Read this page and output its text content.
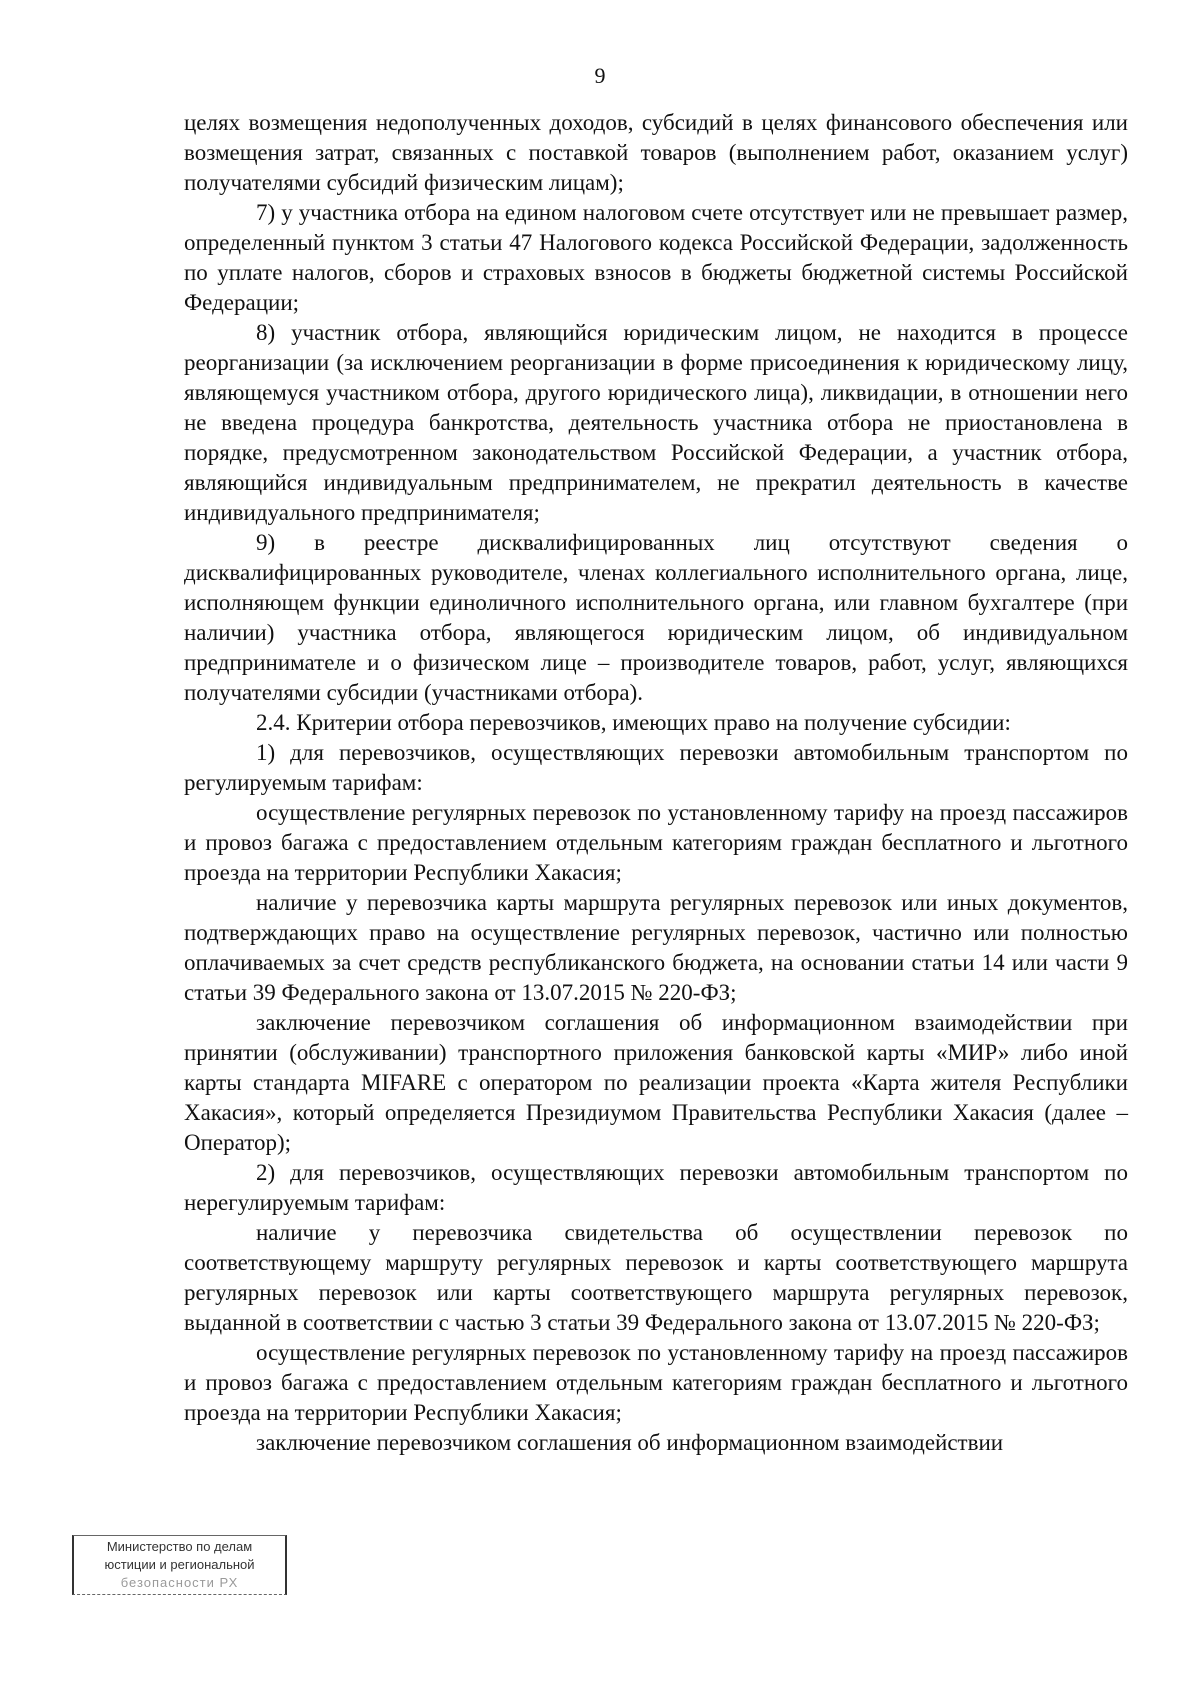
9

целях возмещения недополученных доходов, субсидий в целях финансового обеспечения или возмещения затрат, связанных с поставкой товаров (выполнением работ, оказанием услуг) получателями субсидий физическим лицам);

7) у участника отбора на едином налоговом счете отсутствует или не превышает размер, определенный пунктом 3 статьи 47 Налогового кодекса Российской Федерации, задолженность по уплате налогов, сборов и страховых взносов в бюджеты бюджетной системы Российской Федерации;

8) участник отбора, являющийся юридическим лицом, не находится в процессе реорганизации (за исключением реорганизации в форме присоединения к юридическому лицу, являющемуся участником отбора, другого юридического лица), ликвидации, в отношении него не введена процедура банкротства, деятельность участника отбора не приостановлена в порядке, предусмотренном законодательством Российской Федерации, а участник отбора, являющийся индивидуальным предпринимателем, не прекратил деятельность в качестве индивидуального предпринимателя;

9) в реестре дисквалифицированных лиц отсутствуют сведения о дисквалифицированных руководителе, членах коллегиального исполнительного органа, лице, исполняющем функции единоличного исполнительного органа, или главном бухгалтере (при наличии) участника отбора, являющегося юридическим лицом, об индивидуальном предпринимателе и о физическом лице – производителе товаров, работ, услуг, являющихся получателями субсидии (участниками отбора).

2.4. Критерии отбора перевозчиков, имеющих право на получение субсидии:

1) для перевозчиков, осуществляющих перевозки автомобильным транспортом по регулируемым тарифам:

осуществление регулярных перевозок по установленному тарифу на проезд пассажиров и провоз багажа с предоставлением отдельным категориям граждан бесплатного и льготного проезда на территории Республики Хакасия;

наличие у перевозчика карты маршрута регулярных перевозок или иных документов, подтверждающих право на осуществление регулярных перевозок, частично или полностью оплачиваемых за счет средств республиканского бюджета, на основании статьи 14 или части 9 статьи 39 Федерального закона от 13.07.2015 № 220-ФЗ;

заключение перевозчиком соглашения об информационном взаимодействии при принятии (обслуживании) транспортного приложения банковской карты «МИР» либо иной карты стандарта MIFARE с оператором по реализации проекта «Карта жителя Республики Хакасия», который определяется Президиумом Правительства Республики Хакасия (далее – Оператор);

2) для перевозчиков, осуществляющих перевозки автомобильным транспортом по нерегулируемым тарифам:

наличие у перевозчика свидетельства об осуществлении перевозок по соответствующему маршруту регулярных перевозок и карты соответствующего маршрута регулярных перевозок или карты соответствующего маршрута регулярных перевозок, выданной в соответствии с частью 3 статьи 39 Федерального закона от 13.07.2015 № 220-ФЗ;

осуществление регулярных перевозок по установленному тарифу на проезд пассажиров и провоз багажа с предоставлением отдельным категориям граждан бесплатного и льготного проезда на территории Республики Хакасия;

заключение перевозчиком соглашения об информационном взаимодействии

Министерство по делам
юстиции и региональной
безопасности РХ
